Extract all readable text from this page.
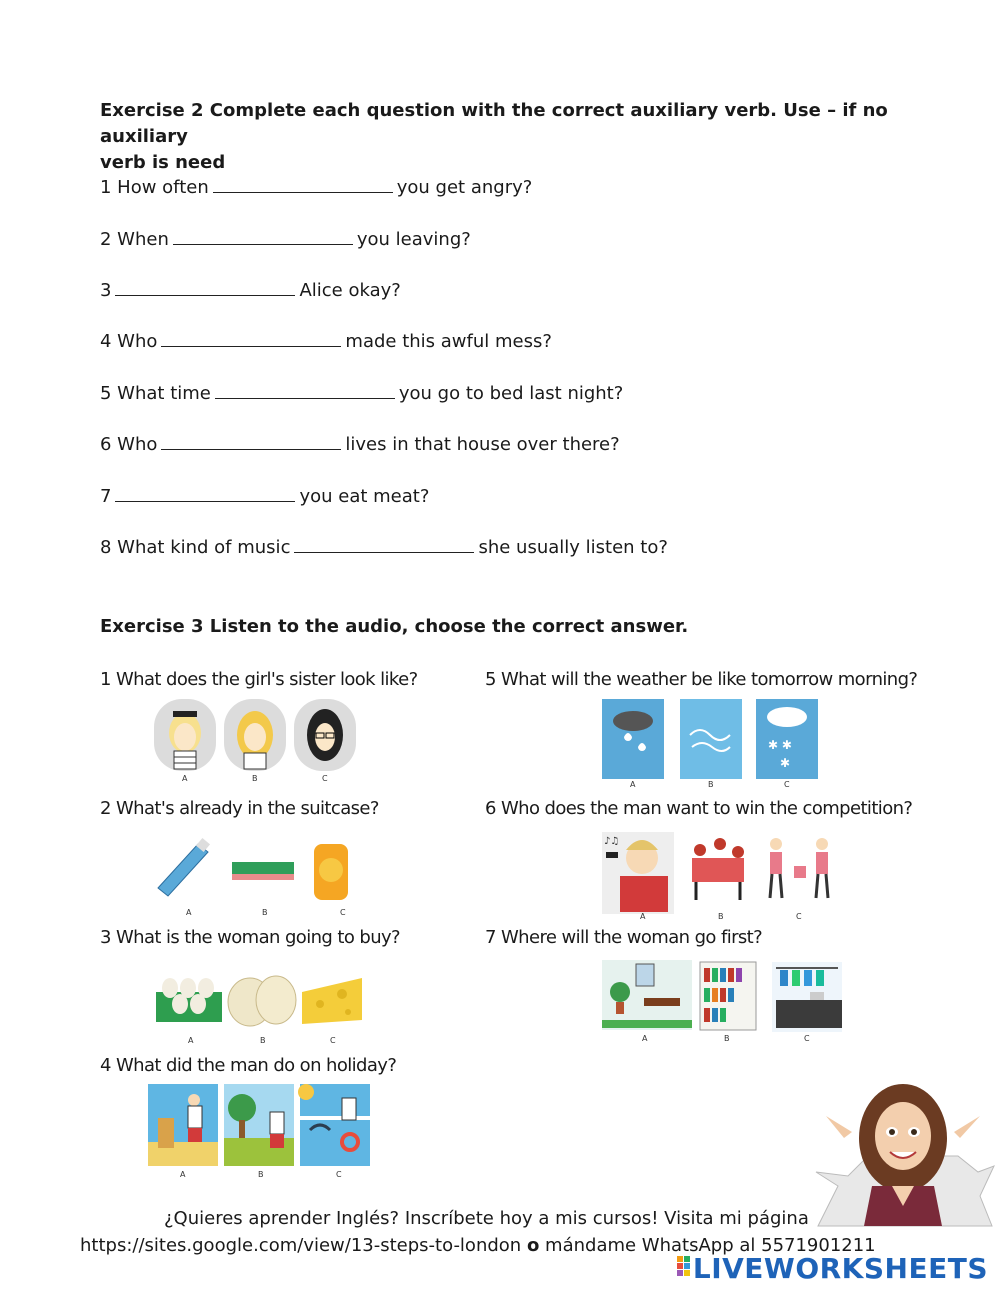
Exercise 2 Complete each question with the correct auxiliary verb. Use – if no auxiliary
verb is need
1 How often	you get angry?
2 When	you leaving?
3	Alice okay?
4 Who	made this awful mess?
5 What time	you go to bed last night?
6 Who	lives in that house over there?
7	you eat meat?
8 What kind of music	she usually listen to?
Exercise 3 Listen to the audio, choose the correct answer.
1 What does the girl's sister look like?	5 What will the weather be like tomorrow morning?
2 What's already in the suitcase?	6 Who does the man want to win the competition?
3 What is the woman going to buy?	7 Where will the woman go first?
4 What did the man do on holiday?
A	B	C
✱ ✱
✱
A	B	C
A	B	C
♪♫
A	B	C
A	B	C	A	B	C
A	B	C
¿Quieres aprender Inglés? Inscríbete hoy a mis cursos! Visita mi página
https://sites.google.com/view/13-steps-to-london o mándame WhatsApp al 5571901211
LIVEWORKSHEETS
